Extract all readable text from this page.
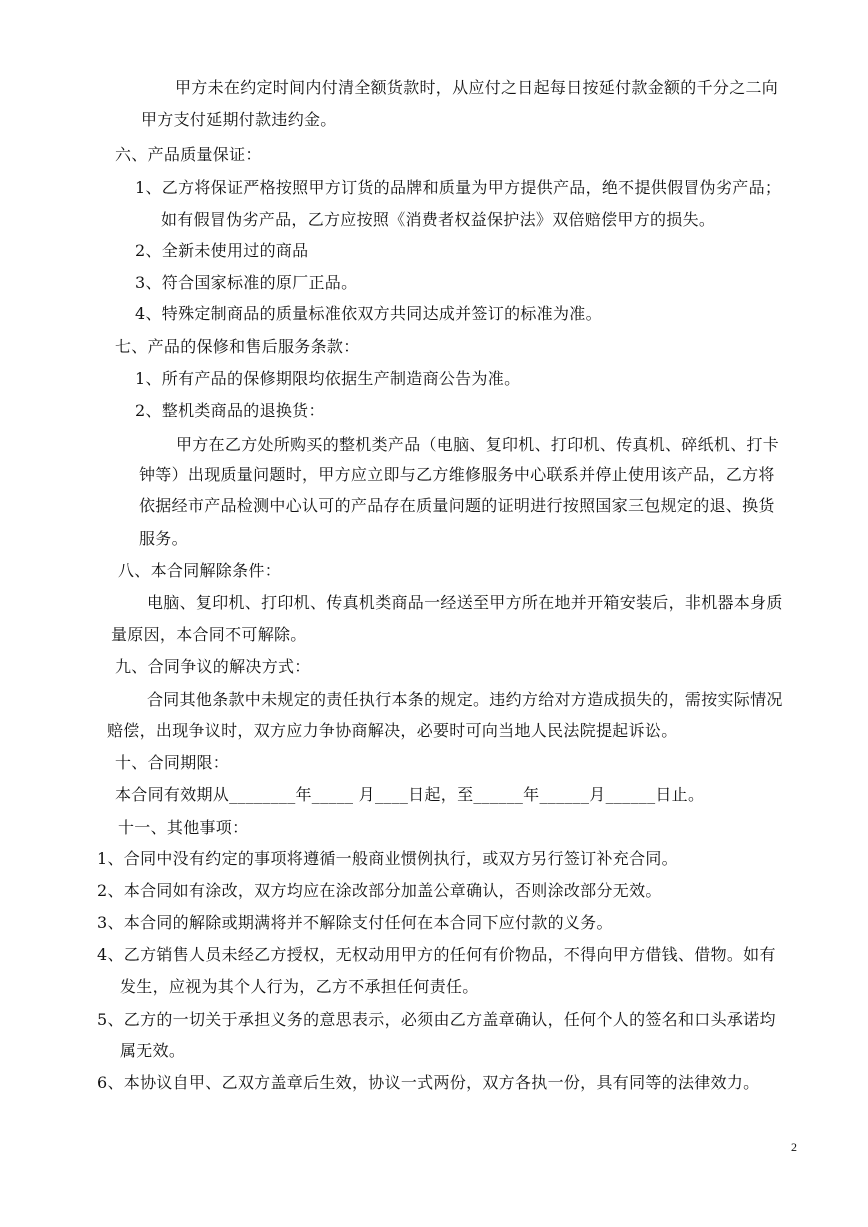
甲方未在约定时间内付清全额货款时，从应付之日起每日按延付款金额的千分之二向
甲方支付延期付款违约金。
六、产品质量保证：
1、乙方将保证严格按照甲方订货的品牌和质量为甲方提供产品，绝不提供假冒伪劣产品；
如有假冒伪劣产品，乙方应按照《消费者权益保护法》双倍赔偿甲方的损失。
2、全新未使用过的商品
3、符合国家标准的原厂正品。
4、特殊定制商品的质量标准依双方共同达成并签订的标准为准。
七、产品的保修和售后服务条款：
1、所有产品的保修期限均依据生产制造商公告为准。
2、整机类商品的退换货：
甲方在乙方处所购买的整机类产品（电脑、复印机、打印机、传真机、碎纸机、打卡
钟等）出现质量问题时，甲方应立即与乙方维修服务中心联系并停止使用该产品，乙方将
依据经市产品检测中心认可的产品存在质量问题的证明进行按照国家三包规定的退、换货
服务。
八、本合同解除条件：
电脑、复印机、打印机、传真机类商品一经送至甲方所在地并开箱安装后，非机器本身质
量原因，本合同不可解除。
九、合同争议的解决方式：
合同其他条款中未规定的责任执行本条的规定。违约方给对方造成损失的，需按实际情况
赔偿，出现争议时，双方应力争协商解决，必要时可向当地人民法院提起诉讼。
十、合同期限：
本合同有效期从________年_____ 月____日起，至______年______月______日止。
十一、其他事项：
1、合同中没有约定的事项将遵循一般商业惯例执行，或双方另行签订补充合同。
2、本合同如有涂改，双方均应在涂改部分加盖公章确认，否则涂改部分无效。
3、本合同的解除或期满将并不解除支付任何在本合同下应付款的义务。
4、乙方销售人员未经乙方授权，无权动用甲方的任何有价物品，不得向甲方借钱、借物。如有
发生，应视为其个人行为，乙方不承担任何责任。
5、乙方的一切关于承担义务的意思表示，必须由乙方盖章确认，任何个人的签名和口头承诺均
属无效。
6、本协议自甲、乙双方盖章后生效，协议一式两份，双方各执一份，具有同等的法律效力。
2
